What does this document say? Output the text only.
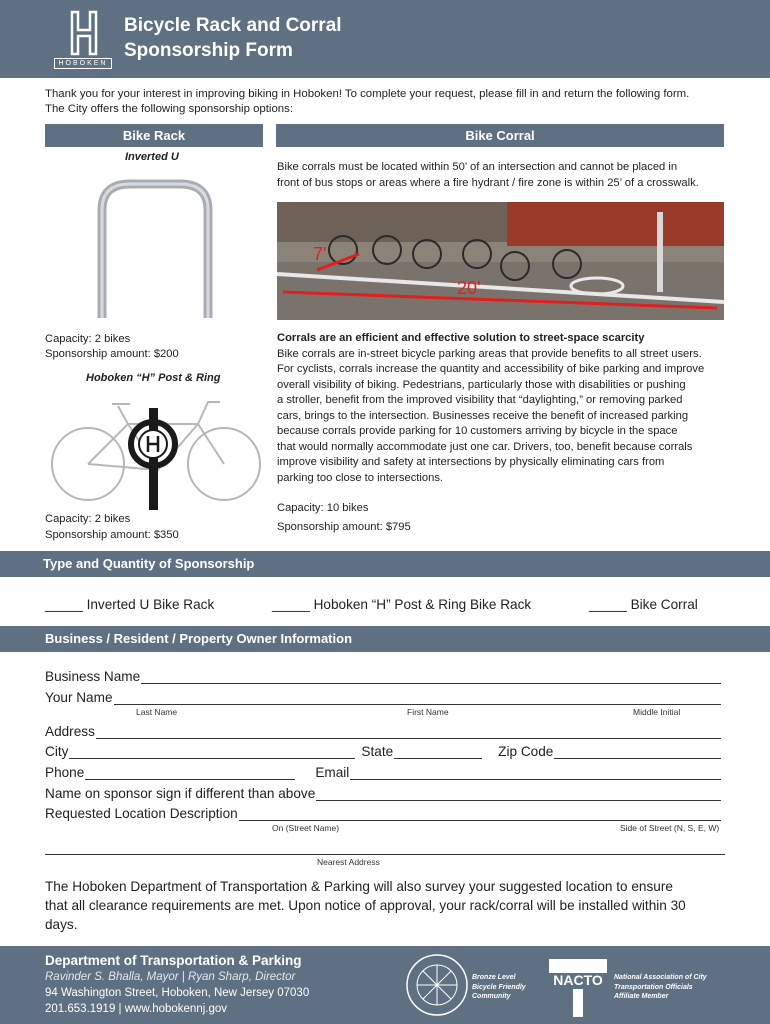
HOBOKEN
Bicycle Rack and Corral
Sponsorship Form
Thank you for your interest in improving biking in Hoboken! To complete your request, please fill in and return the following form.
The City offers the following sponsorship options:
Bike Rack	Bike Corral
Inverted U
Capacity: 2 bikes
Sponsorship amount: $200
Hoboken “H” Post & Ring
Capacity: 2 bikes
Sponsorship amount: $350
Bike corrals must be located within 50’ of an intersection and cannot be placed in
front of bus stops or areas where a fire hydrant / fire zone is within 25’ of a crosswalk.
7'
20'
Corrals are an efficient and effective solution to street-space scarcity
Bike corrals are in-street bicycle parking areas that provide benefits to all street users.
For cyclists, corrals increase the quantity and accessibility of bike parking and improve
overall visibility of biking. Pedestrians, particularly those with disabilities or pushing
a stroller, benefit from the improved visibility that “daylighting,” or removing parked
cars, brings to the intersection. Businesses receive the benefit of increased parking
because corrals provide parking for 10 customers arriving by bicycle in the space
that would normally accommodate just one car. Drivers, too, benefit because corrals
improve visibility and safety at intersections by physically eliminating cars from
parking too close to intersections.
Capacity: 10 bikes
Sponsorship amount: $795
Type and Quantity of Sponsorship
_____ Inverted U Bike Rack	_____ Hoboken “H” Post & Ring Bike Rack	_____ Bike Corral
Business / Resident / Property Owner Information
Business Name
Your Name
Last Name	First Name	Middle Initial
Address
City	State	Zip Code
Phone	Email
Name on sponsor sign if different than above
Requested Location Description
On (Street Name)	Side of Street (N, S, E, W)
Nearest Address
The Hoboken Department of Transportation & Parking will also survey your suggested location to ensure
that all clearance requirements are met. Upon notice of approval, your rack/corral will be installed within 30
days.
Department of Transportation & Parking
Ravinder S. Bhalla, Mayor | Ryan Sharp, Director
94 Washington Street, Hoboken, New Jersey 07030
201.653.1919 | www.hobokennj.gov
Bronze Level
Bicycle Friendly
Community
NACTO National Association of City
Transportation Officials
Affiliate Member
